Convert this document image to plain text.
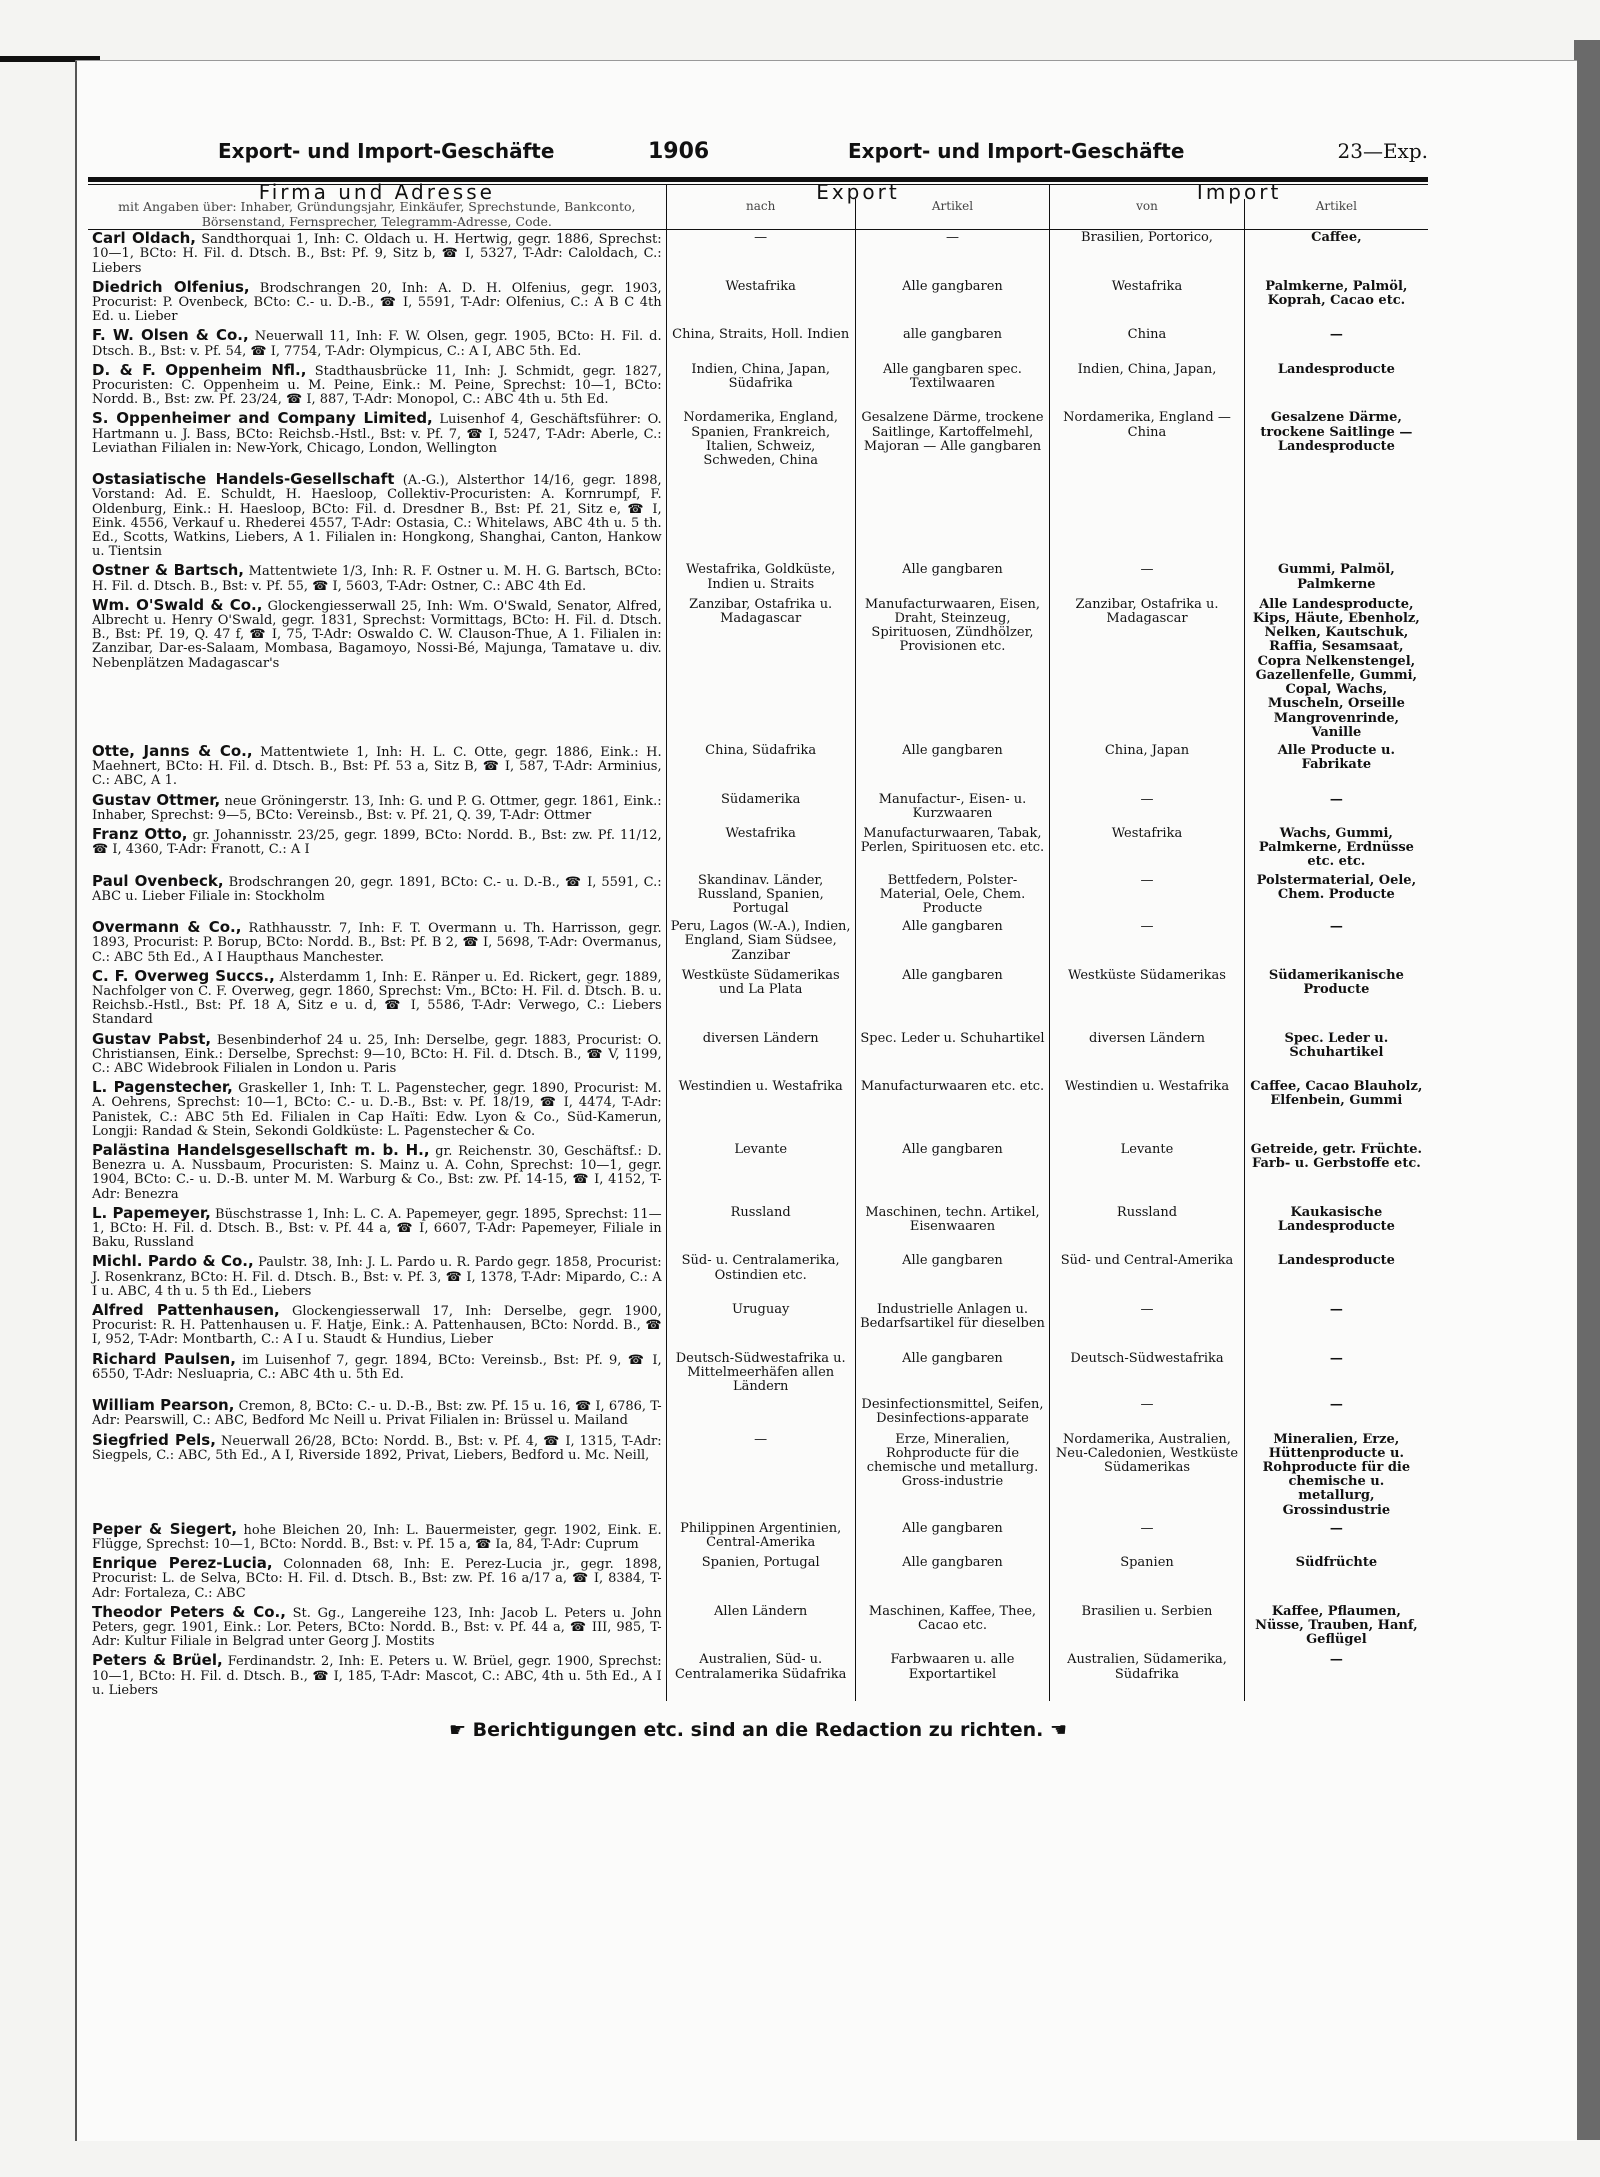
Export- und Import-Geschäfte	1906	Export- und Import-Geschäfte	23—Exp.
Firma und Adresse	Export		Import	
mit Angaben über: Inhaber, Gründungsjahr, Einkäufer, Sprechstunde, Bankconto, Börsenstand, Fernsprecher, Telegramm-Adresse, Code.	nach	Artikel	von	Artikel
Carl Oldach, Sandthorquai 1, Inh: C. Oldach u. H. Hertwig, gegr. 1886, Sprechst: 10—1, BCto: H. Fil. d. Dtsch. B., Bst: Pf. 9, Sitz b, ☎ I, 5327, T-Adr: Caloldach, C.: Liebers	—	—	Brasilien, Portorico,	Caffee,
Diedrich Olfenius, Brodschrangen 20, Inh: A. D. H. Olfenius, gegr. 1903, Procurist: P. Ovenbeck, BCto: C.- u. D.-B., ☎ I, 5591, T-Adr: Olfenius, C.: A B C 4th Ed. u. Lieber	Westafrika	Alle gangbaren	Westafrika	Palmkerne, Palmöl, Koprah, Cacao etc.
F. W. Olsen & Co., Neuerwall 11, Inh: F. W. Olsen, gegr. 1905, BCto: H. Fil. d. Dtsch. B., Bst: v. Pf. 54, ☎ I, 7754, T-Adr: Olympicus, C.: A I, ABC 5th. Ed.	China, Straits, Holl. Indien	alle gangbaren	China	—
D. & F. Oppenheim Nfl., Stadthausbrücke 11, Inh: J. Schmidt, gegr. 1827, Procuristen: C. Oppenheim u. M. Peine, Eink.: M. Peine, Sprechst: 10—1, BCto: Nordd. B., Bst: zw. Pf. 23/24, ☎ I, 887, T-Adr: Monopol, C.: ABC 4th u. 5th Ed.	Indien, China, Japan, Südafrika	Alle gangbaren spec. Textilwaaren	Indien, China, Japan,	Landesproducte
S. Oppenheimer and Company Limited, Luisenhof 4, Geschäftsführer: O. Hartmann u. J. Bass, BCto: Reichsb.-Hstl., Bst: v. Pf. 7, ☎ I, 5247, T-Adr: Aberle, C.: Leviathan Filialen in: New-York, Chicago, London, Wellington	Nordamerika, England, Spanien, Frankreich, Italien, Schweiz, Schweden, China	Gesalzene Därme, trockene Saitlinge, Kartoffelmehl, Majoran — Alle gangbaren	Nordamerika, England — China	Gesalzene Därme, trockene Saitlinge — Landesproducte
Ostasiatische Handels-Gesellschaft (A.-G.), Alsterthor 14/16, gegr. 1898, Vorstand: Ad. E. Schuldt, H. Haesloop, Collektiv-Procuristen: A. Kornrumpf, F. Oldenburg, Eink.: H. Haesloop, BCto: Fil. d. Dresdner B., Bst: Pf. 21, Sitz e, ☎ I, Eink. 4556, Verkauf u. Rhederei 4557, T-Adr: Ostasia, C.: Whitelaws, ABC 4th u. 5 th. Ed., Scotts, Watkins, Liebers, A 1. Filialen in: Hongkong, Shanghai, Canton, Hankow u. Tientsin				
Ostner & Bartsch, Mattentwiete 1/3, Inh: R. F. Ostner u. M. H. G. Bartsch, BCto: H. Fil. d. Dtsch. B., Bst: v. Pf. 55, ☎ I, 5603, T-Adr: Ostner, C.: ABC 4th Ed.	Westafrika, Goldküste, Indien u. Straits	Alle gangbaren	—	Gummi, Palmöl, Palmkerne
Wm. O'Swald & Co., Glockengiesserwall 25, Inh: Wm. O'Swald, Senator, Alfred, Albrecht u. Henry O'Swald, gegr. 1831, Sprechst: Vormittags, BCto: H. Fil. d. Dtsch. B., Bst: Pf. 19, Q. 47 f, ☎ I, 75, T-Adr: Oswaldo C. W. Clauson-Thue, A 1. Filialen in: Zanzibar, Dar-es-Salaam, Mombasa, Bagamoyo, Nossi-Bé, Majunga, Tamatave u. div. Nebenplätzen Madagascar's	Zanzibar, Ostafrika u. Madagascar	Manufacturwaaren, Eisen, Draht, Steinzeug, Spirituosen, Zündhölzer, Provisionen etc.	Zanzibar, Ostafrika u. Madagascar	Alle Landesproducte, Kips, Häute, Ebenholz, Nelken, Kautschuk, Raffia, Sesamsaat, Copra Nelkenstengel, Gazellenfelle, Gummi, Copal, Wachs, Muscheln, Orseille Mangrovenrinde, Vanille
Otte, Janns & Co., Mattentwiete 1, Inh: H. L. C. Otte, gegr. 1886, Eink.: H. Maehnert, BCto: H. Fil. d. Dtsch. B., Bst: Pf. 53 a, Sitz B, ☎ I, 587, T-Adr: Arminius, C.: ABC, A 1.	China, Südafrika	Alle gangbaren	China, Japan	Alle Producte u. Fabrikate
Gustav Ottmer, neue Gröningerstr. 13, Inh: G. und P. G. Ottmer, gegr. 1861, Eink.: Inhaber, Sprechst: 9—5, BCto: Vereinsb., Bst: v. Pf. 21, Q. 39, T-Adr: Ottmer	Südamerika	Manufactur-, Eisen- u. Kurzwaaren	—	—
Franz Otto, gr. Johannisstr. 23/25, gegr. 1899, BCto: Nordd. B., Bst: zw. Pf. 11/12, ☎ I, 4360, T-Adr: Franott, C.: A I	Westafrika	Manufacturwaaren, Tabak, Perlen, Spirituosen etc. etc.	Westafrika	Wachs, Gummi, Palmkerne, Erdnüsse etc. etc.
Paul Ovenbeck, Brodschrangen 20, gegr. 1891, BCto: C.- u. D.-B., ☎ I, 5591, C.: ABC u. Lieber Filiale in: Stockholm	Skandinav. Länder, Russland, Spanien, Portugal	Bettfedern, Polster-Material, Oele, Chem. Producte	—	Polstermaterial, Oele, Chem. Producte
Overmann & Co., Rathhausstr. 7, Inh: F. T. Overmann u. Th. Harrisson, gegr. 1893, Procurist: P. Borup, BCto: Nordd. B., Bst: Pf. B 2, ☎ I, 5698, T-Adr: Overmanus, C.: ABC 5th Ed., A I Haupthaus Manchester.	Peru, Lagos (W.-A.), Indien, England, Siam Südsee, Zanzibar	Alle gangbaren	—	—
C. F. Overweg Succs., Alsterdamm 1, Inh: E. Ränper u. Ed. Rickert, gegr. 1889, Nachfolger von C. F. Overweg, gegr. 1860, Sprechst: Vm., BCto: H. Fil. d. Dtsch. B. u. Reichsb.-Hstl., Bst: Pf. 18 A, Sitz e u. d, ☎ I, 5586, T-Adr: Verwego, C.: Liebers Standard	Westküste Südamerikas und La Plata	Alle gangbaren	Westküste Südamerikas	Südamerikanische Producte
Gustav Pabst, Besenbinderhof 24 u. 25, Inh: Derselbe, gegr. 1883, Procurist: O. Christiansen, Eink.: Derselbe, Sprechst: 9—10, BCto: H. Fil. d. Dtsch. B., ☎ V, 1199, C.: ABC Widebrook Filialen in London u. Paris	diversen Ländern	Spec. Leder u. Schuhartikel	diversen Ländern	Spec. Leder u. Schuhartikel
L. Pagenstecher, Graskeller 1, Inh: T. L. Pagenstecher, gegr. 1890, Procurist: M. A. Oehrens, Sprechst: 10—1, BCto: C.- u. D.-B., Bst: v. Pf. 18/19, ☎ I, 4474, T-Adr: Panistek, C.: ABC 5th Ed. Filialen in Cap Haïti: Edw. Lyon & Co., Süd-Kamerun, Longji: Randad & Stein, Sekondi Goldküste: L. Pagenstecher & Co.	Westindien u. Westafrika	Manufacturwaaren etc. etc.	Westindien u. Westafrika	Caffee, Cacao Blauholz, Elfenbein, Gummi
Palästina Handelsgesellschaft m. b. H., gr. Reichenstr. 30, Geschäftsf.: D. Benezra u. A. Nussbaum, Procuristen: S. Mainz u. A. Cohn, Sprechst: 10—1, gegr. 1904, BCto: C.- u. D.-B. unter M. M. Warburg & Co., Bst: zw. Pf. 14-15, ☎ I, 4152, T-Adr: Benezra	Levante	Alle gangbaren	Levante	Getreide, getr. Früchte. Farb- u. Gerbstoffe etc.
L. Papemeyer, Büschstrasse 1, Inh: L. C. A. Papemeyer, gegr. 1895, Sprechst: 11—1, BCto: H. Fil. d. Dtsch. B., Bst: v. Pf. 44 a, ☎ I, 6607, T-Adr: Papemeyer, Filiale in Baku, Russland	Russland	Maschinen, techn. Artikel, Eisenwaaren	Russland	Kaukasische Landesproducte
Michl. Pardo & Co., Paulstr. 38, Inh: J. L. Pardo u. R. Pardo gegr. 1858, Procurist: J. Rosenkranz, BCto: H. Fil. d. Dtsch. B., Bst: v. Pf. 3, ☎ I, 1378, T-Adr: Mipardo, C.: A I u. ABC, 4 th u. 5 th Ed., Liebers	Süd- u. Centralamerika, Ostindien etc.	Alle gangbaren	Süd- und Central-Amerika	Landesproducte
Alfred Pattenhausen, Glockengiesserwall 17, Inh: Derselbe, gegr. 1900, Procurist: R. H. Pattenhausen u. F. Hatje, Eink.: A. Pattenhausen, BCto: Nordd. B., ☎ I, 952, T-Adr: Montbarth, C.: A I u. Staudt & Hundius, Lieber	Uruguay	Industrielle Anlagen u. Bedarfsartikel für dieselben	—	—
Richard Paulsen, im Luisenhof 7, gegr. 1894, BCto: Vereinsb., Bst: Pf. 9, ☎ I, 6550, T-Adr: Nesluapria, C.: ABC 4th u. 5th Ed.	Deutsch-Südwestafrika u. Mittelmeerhäfen allen Ländern	Alle gangbaren	Deutsch-Südwestafrika	—
William Pearson, Cremon, 8, BCto: C.- u. D.-B., Bst: zw. Pf. 15 u. 16, ☎ I, 6786, T-Adr: Pearswill, C.: ABC, Bedford Mc Neill u. Privat Filialen in: Brüssel u. Mailand		Desinfectionsmittel, Seifen, Desinfections-apparate	—	—
Siegfried Pels, Neuerwall 26/28, BCto: Nordd. B., Bst: v. Pf. 4, ☎ I, 1315, T-Adr: Siegpels, C.: ABC, 5th Ed., A I, Riverside 1892, Privat, Liebers, Bedford u. Mc. Neill,	—	Erze, Mineralien, Rohproducte für die chemische und metallurg. Gross-industrie	Nordamerika, Australien, Neu-Caledonien, Westküste Südamerikas	Mineralien, Erze, Hüttenproducte u. Rohproducte für die chemische u. metallurg, Grossindustrie
Peper & Siegert, hohe Bleichen 20, Inh: L. Bauermeister, gegr. 1902, Eink. E. Flügge, Sprechst: 10—1, BCto: Nordd. B., Bst: v. Pf. 15 a, ☎ Ia, 84, T-Adr: Cuprum	Philippinen Argentinien, Central-Amerika	Alle gangbaren	—	—
Enrique Perez-Lucia, Colonnaden 68, Inh: E. Perez-Lucia jr., gegr. 1898, Procurist: L. de Selva, BCto: H. Fil. d. Dtsch. B., Bst: zw. Pf. 16 a/17 a, ☎ I, 8384, T-Adr: Fortaleza, C.: ABC	Spanien, Portugal	Alle gangbaren	Spanien	Südfrüchte
Theodor Peters & Co., St. Gg., Langereihe 123, Inh: Jacob L. Peters u. John Peters, gegr. 1901, Eink.: Lor. Peters, BCto: Nordd. B., Bst: v. Pf. 44 a, ☎ III, 985, T-Adr: Kultur Filiale in Belgrad unter Georg J. Mostits	Allen Ländern	Maschinen, Kaffee, Thee, Cacao etc.	Brasilien u. Serbien	Kaffee, Pflaumen, Nüsse, Trauben, Hanf, Geflügel
Peters & Brüel, Ferdinandstr. 2, Inh: E. Peters u. W. Brüel, gegr. 1900, Sprechst: 10—1, BCto: H. Fil. d. Dtsch. B., ☎ I, 185, T-Adr: Mascot, C.: ABC, 4th u. 5th Ed., A I u. Liebers	Australien, Süd- u. Centralamerika Südafrika	Farbwaaren u. alle Exportartikel	Australien, Südamerika, Südafrika	—
☛ Berichtigungen etc. sind an die Redaction zu richten. ☚
